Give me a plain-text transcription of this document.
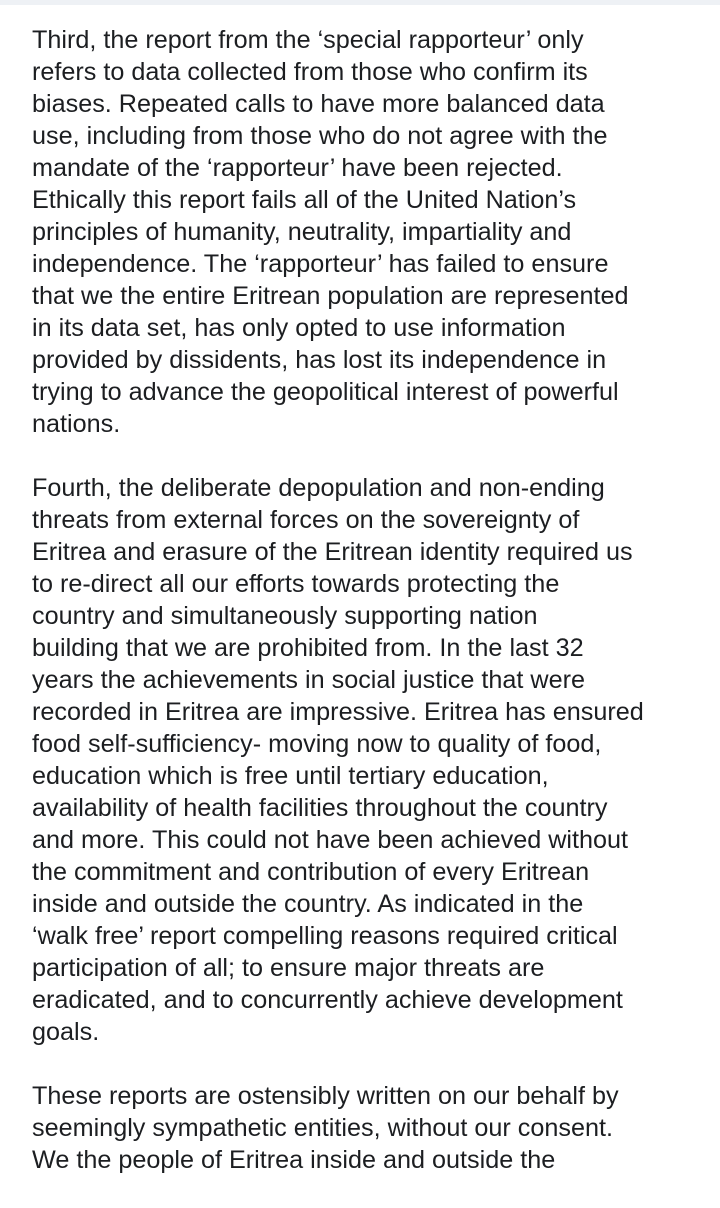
Third, the report from the ‘special rapporteur’ only
refers to data collected from those who confirm its
biases. Repeated calls to have more balanced data
use, including from those who do not agree with the
mandate of the ‘rapporteur’ have been rejected.
Ethically this report fails all of the United Nation’s
principles of humanity, neutrality, impartiality and
independence. The ‘rapporteur’ has failed to ensure
that we the entire Eritrean population are represented
in its data set, has only opted to use information
provided by dissidents, has lost its independence in
trying to advance the geopolitical interest of powerful
nations.

Fourth, the deliberate depopulation and non-ending
threats from external forces on the sovereignty of
Eritrea and erasure of the Eritrean identity required us
to re-direct all our efforts towards protecting the
country and simultaneously supporting nation
building that we are prohibited from. In the last 32
years the achievements in social justice that were
recorded in Eritrea are impressive. Eritrea has ensured
food self-sufficiency- moving now to quality of food,
education which is free until tertiary education,
availability of health facilities throughout the country
and more. This could not have been achieved without
the commitment and contribution of every Eritrean
inside and outside the country. As indicated in the
‘walk free’ report compelling reasons required critical
participation of all; to ensure major threats are
eradicated, and to concurrently achieve development
goals.

These reports are ostensibly written on our behalf by
seemingly sympathetic entities, without our consent.
We the people of Eritrea inside and outside the
